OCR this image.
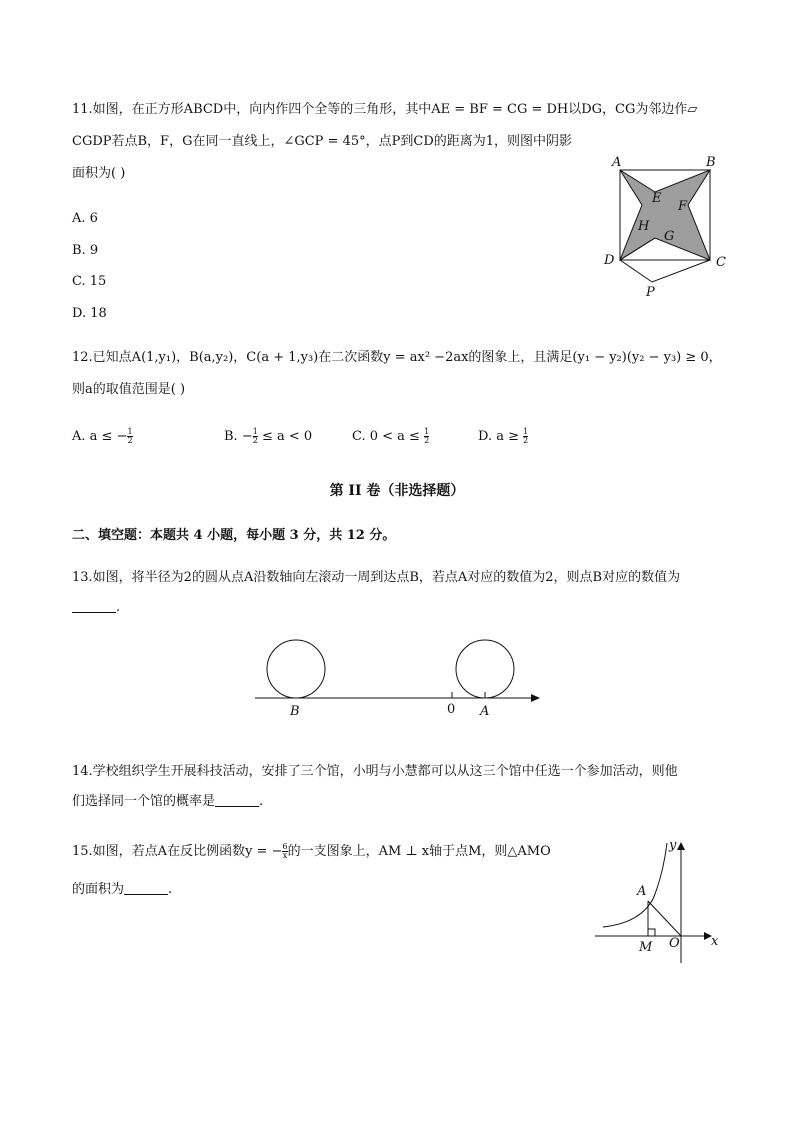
11.如图，在正方形ABCD中，向内作四个全等的三角形，其中AE = BF = CG = DH以DG，CG为邻边作▱
CGDP若点B，F，G在同一直线上，∠GCP = 45°，点P到CD的距离为1，则图中阴影
面积为( )
A. 6
B. 9
C. 15
D. 18
A	B
C
D
E
F
G
H
P
12.已知点A(1,y₁)，B(a,y₂)，C(a + 1,y₃)在二次函数y = ax² −2ax的图象上，且满足(y₁ − y₂)(y₂ − y₃) ≥ 0，
则a的取值范围是( )
A. a ≤ − $\frac{1}{2}$	B. − $\frac{1}{2} \le a < 0$	C. $0 < a \le \frac{1}{2}$	D. $a \ge \frac{1}{2}$
第 II 卷（非选择题）
二、填空题：本题共 4 小题，每小题 3 分，共 12 分。
13.如图，将半径为2的圆从点A沿数轴向左滚动一周到达点B，若点A对应的数值为2，则点B对应的数值为
.
B	0 A
14.学校组织学生开展科技活动，安排了三个馆，小明与小慧都可以从这三个馆中任选一个参加活动，则他
们选择同一个馆的概率是	.
15.如图，若点A在反比例函数y = − $\frac{6}{x}$ 的一支图象上，AM ⊥ x轴于点M，则△AMO
的面积为	.
y
x
A
M O
